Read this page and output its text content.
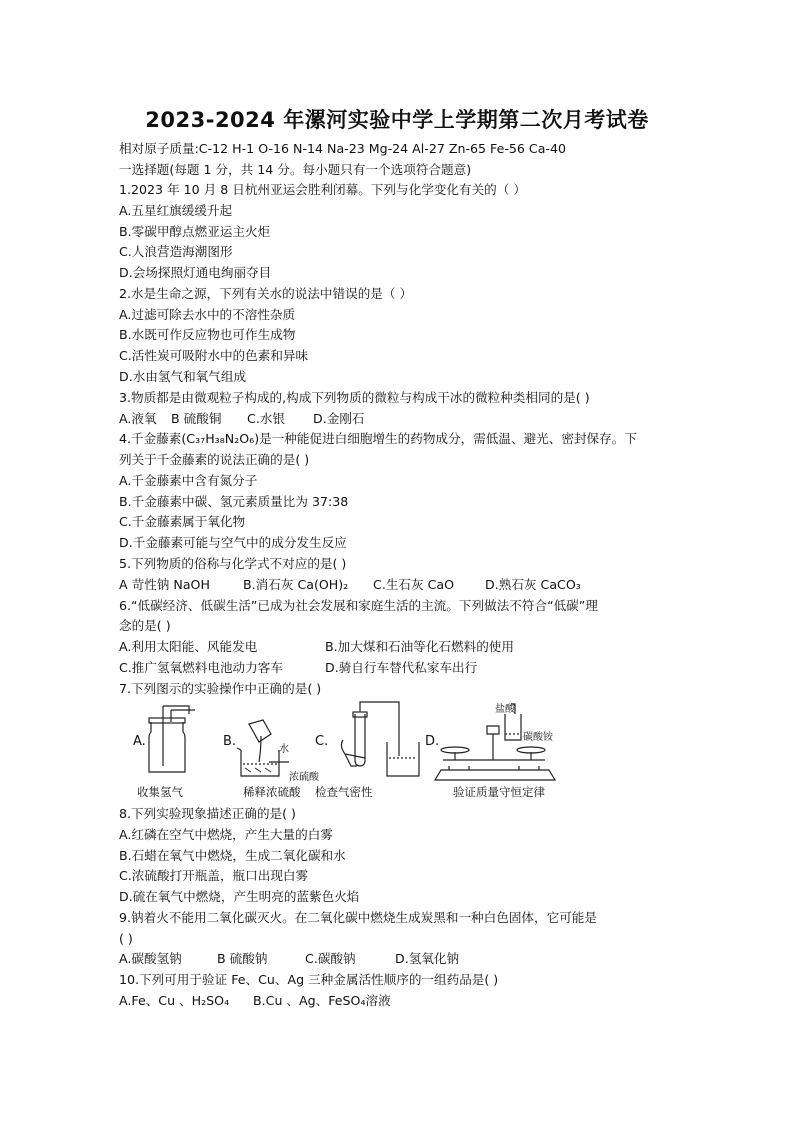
2023-2024 年漯河实验中学上学期第二次月考试卷
相对原子质量:C-12 H-1 O-16 N-14 Na-23 Mg-24 Al-27 Zn-65 Fe-56 Ca-40
一选择题(每题 1 分，共 14 分。每小题只有一个选项符合题意)
1.2023 年 10 月 8 日杭州亚运会胜利闭幕。下列与化学变化有关的（ ）
A.五星红旗缓缓升起
B.零碳甲醇点燃亚运主火炬
C.人浪营造海潮图形
D.会场探照灯通电绚丽夺目
2.水是生命之源，下列有关水的说法中错误的是（ ）
A.过滤可除去水中的不溶性杂质
B.水既可作反应物也可作生成物
C.活性炭可吸附水中的色素和异味
D.水由氢气和氧气组成
3.物质都是由微观粒子构成的,构成下列物质的微粒与构成干冰的微粒种类相同的是( )
A.液氧 B 硫酸铜 C.水银 D.金刚石
4.千金藤素(C₃₇H₃₈N₂O₆)是一种能促进白细胞增生的药物成分，需低温、避光、密封保存。下
列关于千金藤素的说法正确的是( )
A.千金藤素中含有氮分子
B.千金藤素中碳、氢元素质量比为 37:38
C.千金藤素属于氧化物
D.千金藤素可能与空气中的成分发生反应
5.下列物质的俗称与化学式不对应的是( )
A 苛性钠 NaOH	B.消石灰 Ca(OH)₂ C.生石灰 CaO D.熟石灰 CaCO₃
6.“低碳经济、低碳生活”已成为社会发展和家庭生活的主流。下列做法不符合“低碳”理
念的是( )
A.利用太阳能、风能发电	B.加大煤和石油等化石燃料的使用
C.推广氢氧燃料电池动力客车	D.骑自行车替代私家车出行
7.下列图示的实验操作中正确的是( )
A.
收集氢气
B.
水
浓硫酸
稀释浓硫酸
C.
检查气密性
D.
盐酸
碳酸铵
验证质量守恒定律
8.下列实验现象描述正确的是( )
A.红磷在空气中燃烧，产生大量的白雾
B.石蜡在氧气中燃烧，生成二氧化碳和水
C.浓硫酸打开瓶盖，瓶口出现白雾
D.硫在氧气中燃烧，产生明亮的蓝紫色火焰
9.钠着火不能用二氧化碳灭火。在二氧化碳中燃烧生成炭黑和一种白色固体，它可能是
( )
A.碳酸氢钠	B 硫酸钠	C.碳酸钠	D.氢氧化钠
10.下列可用于验证 Fe、Cu、Ag 三种金属活性顺序的一组药品是( )
A.Fe、Cu 、H₂SO₄ B.Cu 、Ag、FeSO₄溶液
